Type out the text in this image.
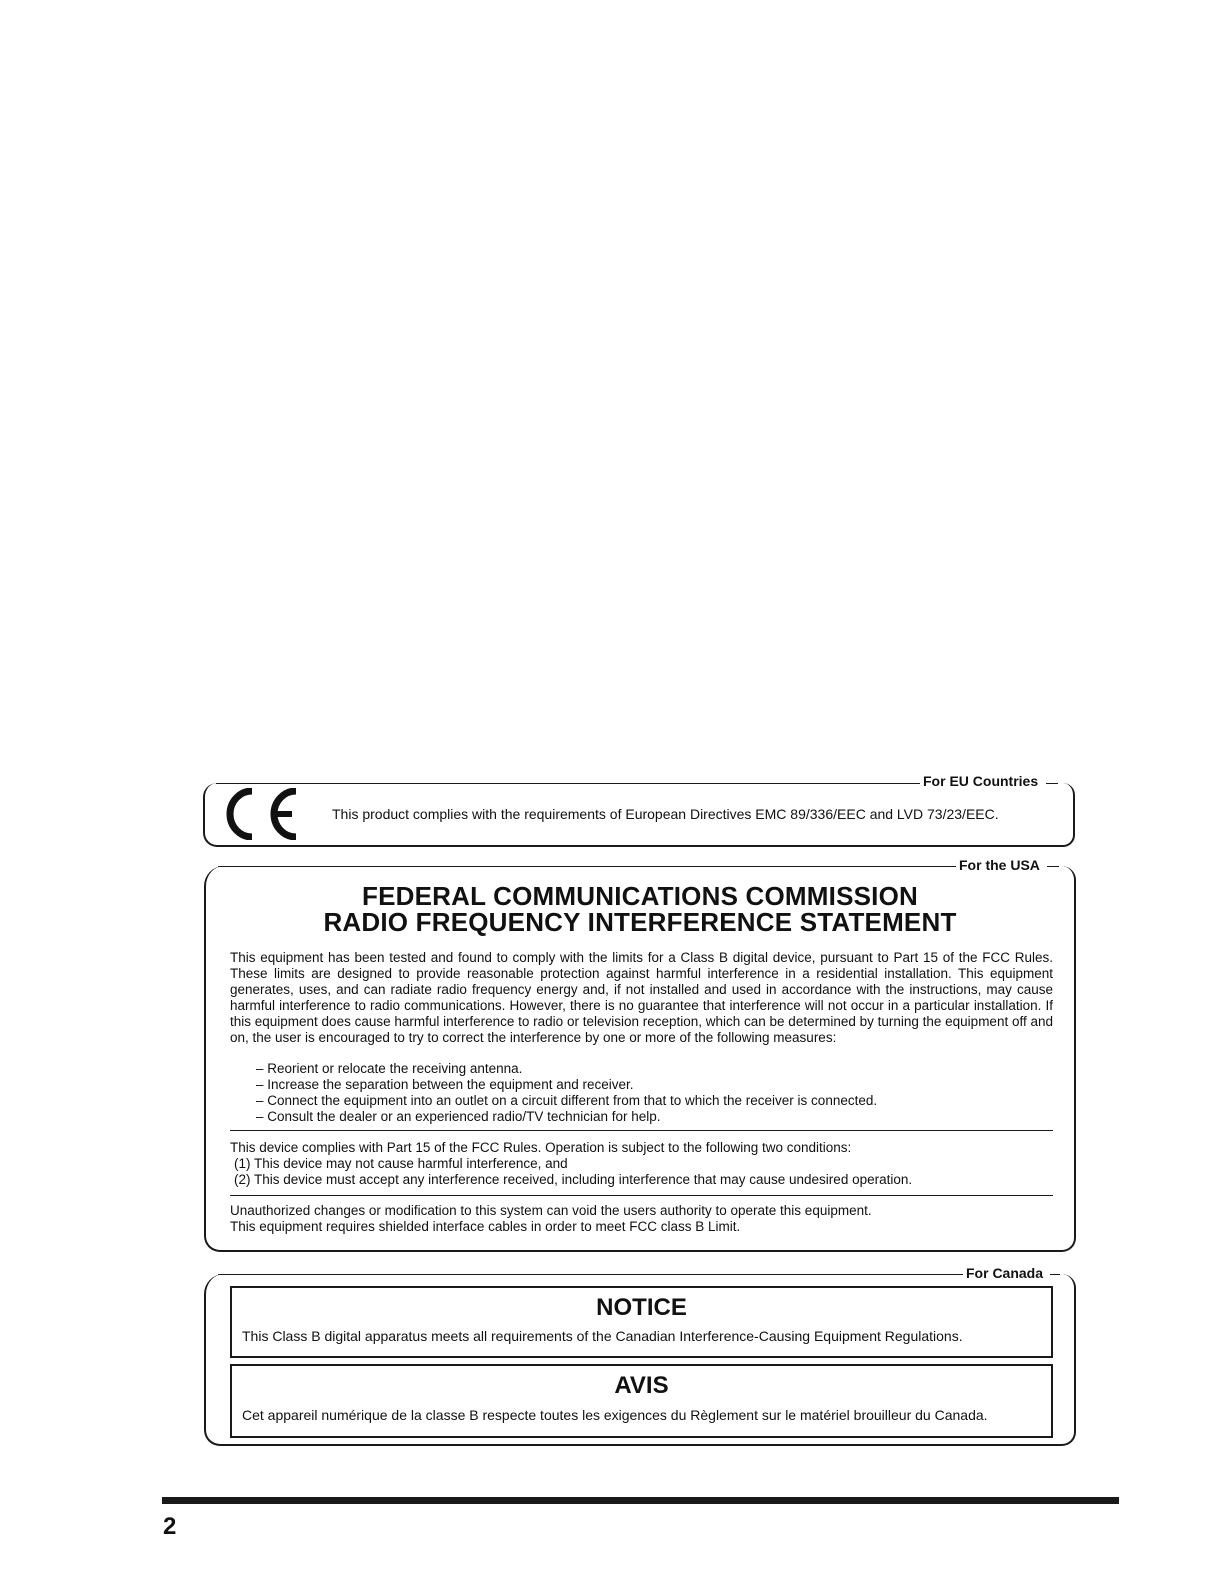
For EU Countries
This product complies with the requirements of European Directives EMC 89/336/EEC and LVD 73/23/EEC.
For the USA
FEDERAL COMMUNICATIONS COMMISSION
RADIO FREQUENCY INTERFERENCE STATEMENT
This equipment has been tested and found to comply with the limits for a Class B digital device, pursuant to Part 15 of the FCC Rules. These limits are designed to provide reasonable protection against harmful interference in a residential installation. This equipment generates, uses, and can radiate radio frequency energy and, if not installed and used in accordance with the instructions, may cause harmful interference to radio communications. However, there is no guarantee that interference will not occur in a particular installation. If this equipment does cause harmful interference to radio or television reception, which can be determined by turning the equipment off and on, the user is encouraged to try to correct the interference by one or more of the following measures:
– Reorient or relocate the receiving antenna.
– Increase the separation between the equipment and receiver.
– Connect the equipment into an outlet on a circuit different from that to which the receiver is connected.
– Consult the dealer or an experienced radio/TV technician for help.
This device complies with Part 15 of the FCC Rules. Operation is subject to the following two conditions:
(1) This device may not cause harmful interference, and
(2) This device must accept any interference received, including interference that may cause undesired operation.
Unauthorized changes or modification to this system can void the users authority to operate this equipment.
This equipment requires shielded interface cables in order to meet FCC class B Limit.
For Canada
NOTICE
This Class B digital apparatus meets all requirements of the Canadian Interference-Causing Equipment Regulations.
AVIS
Cet appareil numérique de la classe B respecte toutes les exigences du Règlement sur le matériel brouilleur du Canada.
2
